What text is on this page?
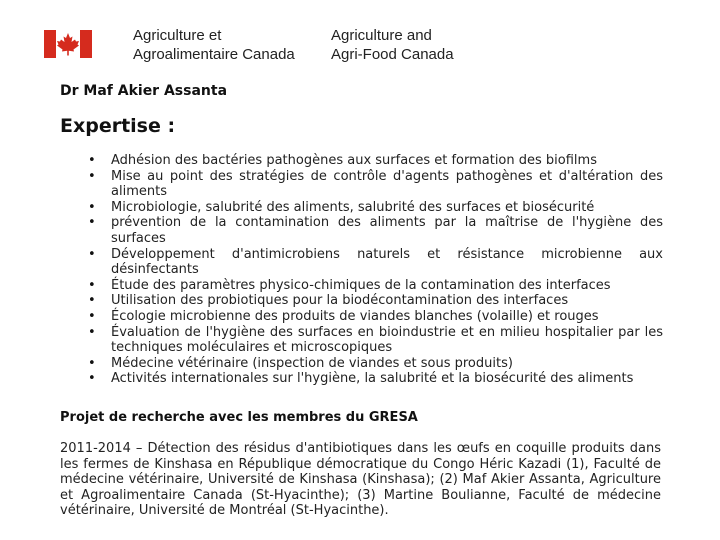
Agriculture et
Agroalimentaire Canada
Agriculture and
Agri-Food Canada
Dr Maf Akier Assanta
Expertise :
• Adhésion des bactéries pathogènes aux surfaces et formation des biofilms
• Mise au point des stratégies de contrôle d'agents pathogènes et d'altération des aliments
• Microbiologie, salubrité des aliments, salubrité des surfaces et biosécurité
• prévention de la contamination des aliments par la maîtrise de l'hygiène des surfaces
• Développement d'antimicrobiens naturels et résistance microbienne aux désinfectants
• Étude des paramètres physico-chimiques de la contamination des interfaces
• Utilisation des probiotiques pour la biodécontamination des interfaces
• Écologie microbienne des produits de viandes blanches (volaille) et rouges
• Évaluation de l'hygiène des surfaces en bioindustrie et en milieu hospitalier par les techniques moléculaires et microscopiques
• Médecine vétérinaire (inspection de viandes et sous produits)
• Activités internationales sur l'hygiène, la salubrité et la biosécurité des aliments
Projet de recherche avec les membres du GRESA
2011-2014 – Détection des résidus d'antibiotiques dans les œufs en coquille produits dans les fermes de Kinshasa en République démocratique du Congo Héric Kazadi (1), Faculté de médecine vétérinaire, Université de Kinshasa (Kinshasa); (2) Maf Akier Assanta, Agriculture et Agroalimentaire Canada (St-Hyacinthe); (3) Martine Boulianne, Faculté de médecine vétérinaire, Université de Montréal (St-Hyacinthe).
